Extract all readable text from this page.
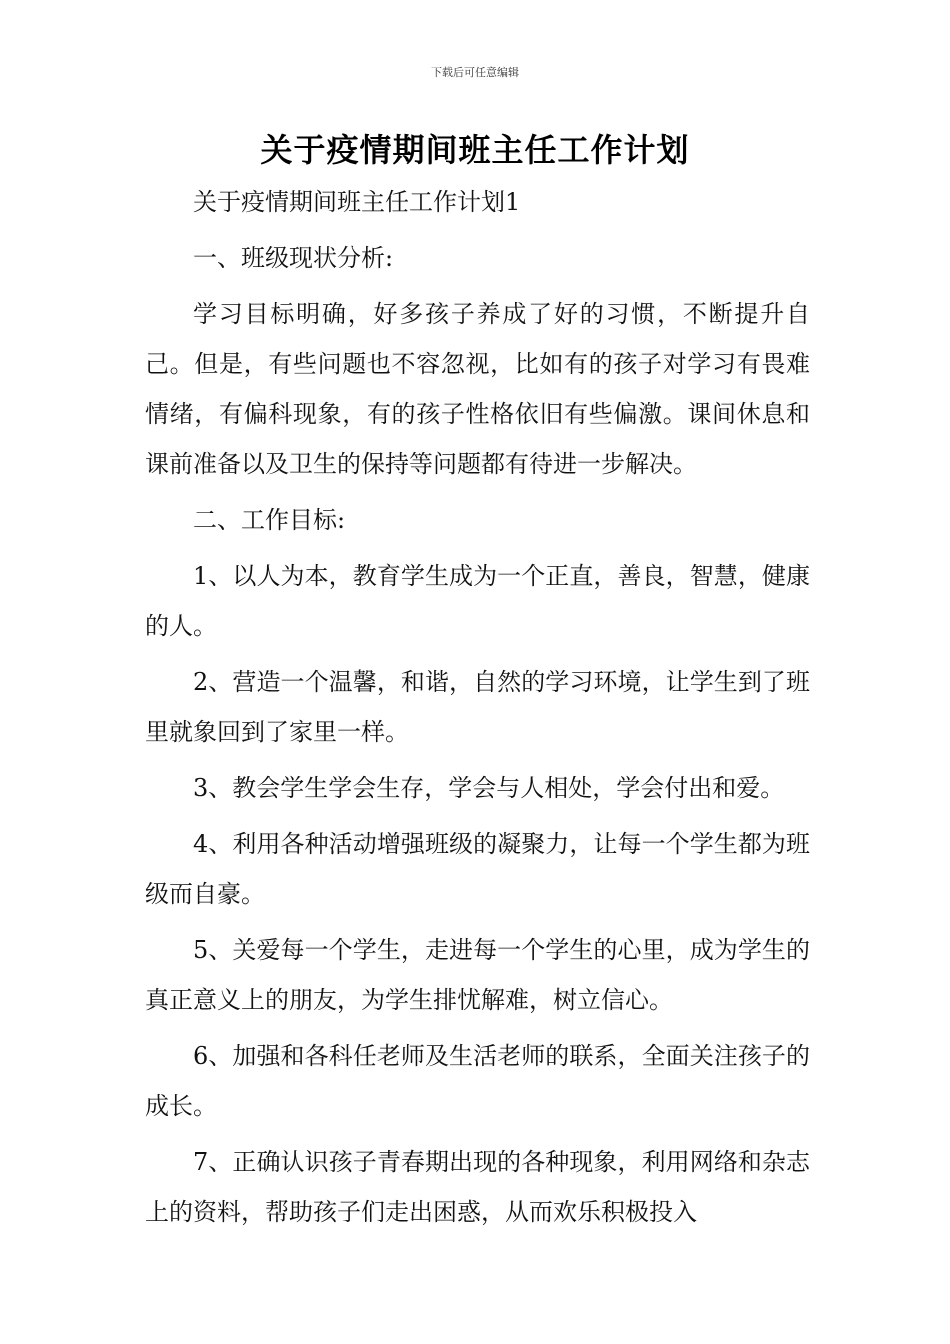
下载后可任意编辑
关于疫情期间班主任工作计划

关于疫情期间班主任工作计划1

一、班级现状分析:

学习目标明确，好多孩子养成了好的习惯，不断提升自己。但是，有些问题也不容忽视，比如有的孩子对学习有畏难情绪，有偏科现象，有的孩子性格依旧有些偏激。课间休息和课前准备以及卫生的保持等问题都有待进一步解决。

二、工作目标:

1、以人为本，教育学生成为一个正直，善良，智慧，健康的人。

2、营造一个温馨，和谐，自然的学习环境，让学生到了班里就象回到了家里一样。

3、教会学生学会生存，学会与人相处，学会付出和爱。

4、利用各种活动增强班级的凝聚力，让每一个学生都为班级而自豪。

5、关爱每一个学生，走进每一个学生的心里，成为学生的真正意义上的朋友，为学生排忧解难，树立信心。

6、加强和各科任老师及生活老师的联系，全面关注孩子的成长。

7、正确认识孩子青春期出现的各种现象，利用网络和杂志上的资料，帮助孩子们走出困惑，从而欢乐积极投入
